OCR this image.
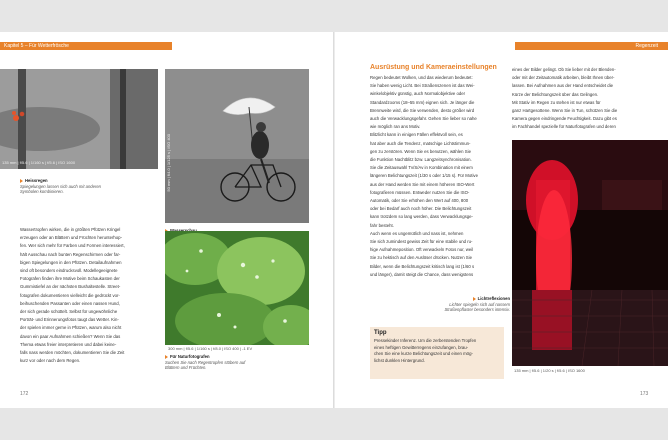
Kapitel 5 – Für Wetterfrösche	Regenzeit
135 mm | f/5.6 | 1/160 s | f/5.6 | ISO 1600
Heissregen
Spiegelungen lassen sich auch mit anderen
Symbolen kombinieren.

Wassertropfen wirken, die in größten Pfützen Kringel

erzeugen oder an Blättern und Früchten herunterhop-

fen. Wer sich mehr für Farben und Formen interessiert,

hält Ausschau nach bunten Regenschirmen oder far-

bigen Spiegelungen in den Pfützen. Detailaufnahmen

sind oft besonders eindrucksvoll. Modellegeeignete

Fotografen finden ihre Motive beim Schaukasten der

Gummistiefel an der nächsten Bushaltestelle. Street-

fotografen dokumentieren vielleicht die gedrückt vor-

beihuschenden Passanten oder einen nassen Hund,

der sich gerade schüttelt. Selbst für ungewöhnliche

Porträt- und Erinnerungsfotos taugt das Wetter. Kin-

der spielen immer gerne in Pfützen, warum also nicht

davon ein paar Aufnahmen schießen? Wenn Sie das

Thema etwas freier interpretieren und dabei keine-

falls nass werden möchten, dokumentieren Sie die Zeit

kurz vor oder nach dem Regen.

172
50 mm | f/4.0 | 1/125 s | ISO 400
300 mm | f/5.6 | 1/160 s | f/8.0 | ISO 400 | -1 EV
Für Naturfotografen
Suchen Sie nach Regentropfen stöbern auf
Blättern und Früchten.
Ausrüstung und Kameraeinstellungen

Regen bedeutet Wolken, und das wiederum bedeutet:

Sie haben wenig Licht. Bei Straßenszenen ist das Wei-

winkelobjektiv günstig, auch Normalobjektive oder

Standardzooms (18–55 mm) eignen sich. Je länger die

Brennweite wird, die Sie verwenden, desto größer wird

auch die Verwacklungsgefahr. Gehen Sie lieber so nahe

wie möglich ran ans Motiv.

Blitzlicht kann in einigen Fällen effektvoll sein, es

hat aber auch die Tendenz, matschige Lichtstimmun-

gen zu zerstören. Wenn Sie es benutzen, wählen Sie

die Funktion Nachtblitz bzw. Langzeitsynchronisation.

Sie die Zeitauswahl Tv/S/Av in Kombination mit einem

längeren Belichtungszeit (1/30 s oder 1/15 s). Für Motive

aus der Hand werden Sie mit einem höheren ISO-Wert

fotografieren müssen. Entweder nutzen Sie die ISO-

Automatik, oder Sie erhöhen den Wert auf 400, 800

oder bei Bedarf auch noch höher. Die Belichtungszeit

kann trotzdem so lang werden, dass Verwacklungsge-

fahr besteht.

Auch wenn es ungemütlich und nass ist, nehmen

Sie sich zumindest gewiss Zeit für eine stabile und ru-

hige Aufnahmeposition. Oft verwackeln Fotos nur, weil

Sie zu hektisch auf den Auslöser drücken. Nutzen Sie

Bilder, wenn die Belichtungszeit kritisch lang ist (1/60 s

und länger), damit steigt die Chance, dass wenigstens

Lichtreflexionen
Lichter spiegeln sich auf nassem
Straßenpflaster besonders intensiv.
Tipp
Pressekinder Inferenz. Um die zerberstenden Tropfen
eines heftigen Gewitterregens einzufangen, brau-
chen Sie eine kurze Belichtungszeit und einen mög-
lichst dunklen Hintergrund.

eines der Bilder gelingt. Ob Sie lieber mit der Blenden-

oder mit der Zeitautomatik arbeiten, bleibt Ihnen über-

lassen. Bei Aufnahmen aus der Hand entscheidet die

Kürze der Belichtungszeit über das Gelingen.

Mit Stativ im Regen zu stehen ist nur etwas für

ganz Hartgesottene. Wenn Sie in Tun, schützen Sie die

Kamera gegen eindringende Feuchtigkeit. Dazu gibt es

im Fachhandel spezielle für Naturfotografen und deren

135 mm | f/5.6 | 1/20 s | f/5.6 | ISO 1600
173
